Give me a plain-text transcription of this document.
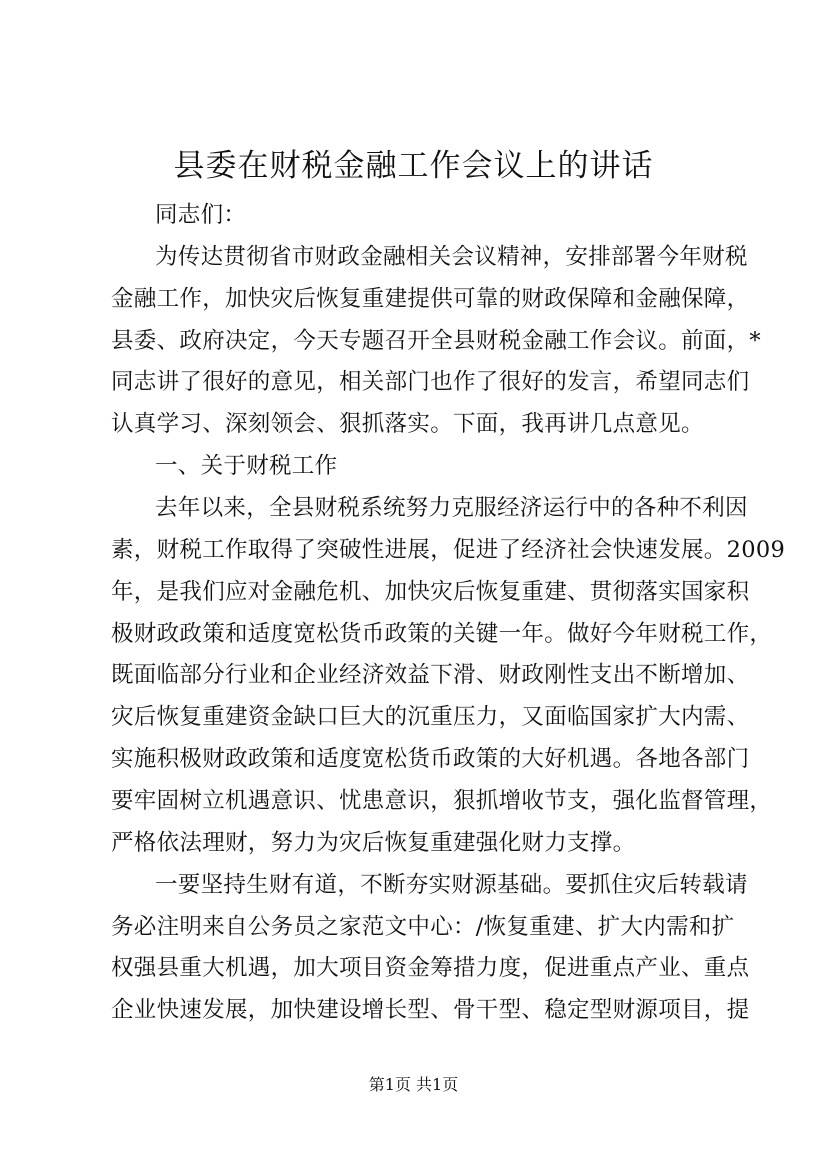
县委在财税金融工作会议上的讲话
同志们：
为传达贯彻省市财政金融相关会议精神，安排部署今年财税
金融工作，加快灾后恢复重建提供可靠的财政保障和金融保障，
县委、政府决定，今天专题召开全县财税金融工作会议。前面，*
同志讲了很好的意见，相关部门也作了很好的发言，希望同志们
认真学习、深刻领会、狠抓落实。下面，我再讲几点意见。
一、关于财税工作
去年以来，全县财税系统努力克服经济运行中的各种不利因
素，财税工作取得了突破性进展，促进了经济社会快速发展。2009
年，是我们应对金融危机、加快灾后恢复重建、贯彻落实国家积
极财政政策和适度宽松货币政策的关键一年。做好今年财税工作，
既面临部分行业和企业经济效益下滑、财政刚性支出不断增加、
灾后恢复重建资金缺口巨大的沉重压力，又面临国家扩大内需、
实施积极财政政策和适度宽松货币政策的大好机遇。各地各部门
要牢固树立机遇意识、忧患意识，狠抓增收节支，强化监督管理，
严格依法理财，努力为灾后恢复重建强化财力支撑。
一要坚持生财有道，不断夯实财源基础。要抓住灾后转载请
务必注明来自公务员之家范文中心：/恢复重建、扩大内需和扩
权强县重大机遇，加大项目资金筹措力度，促进重点产业、重点
企业快速发展，加快建设增长型、骨干型、稳定型财源项目，提
第1页 共1页
